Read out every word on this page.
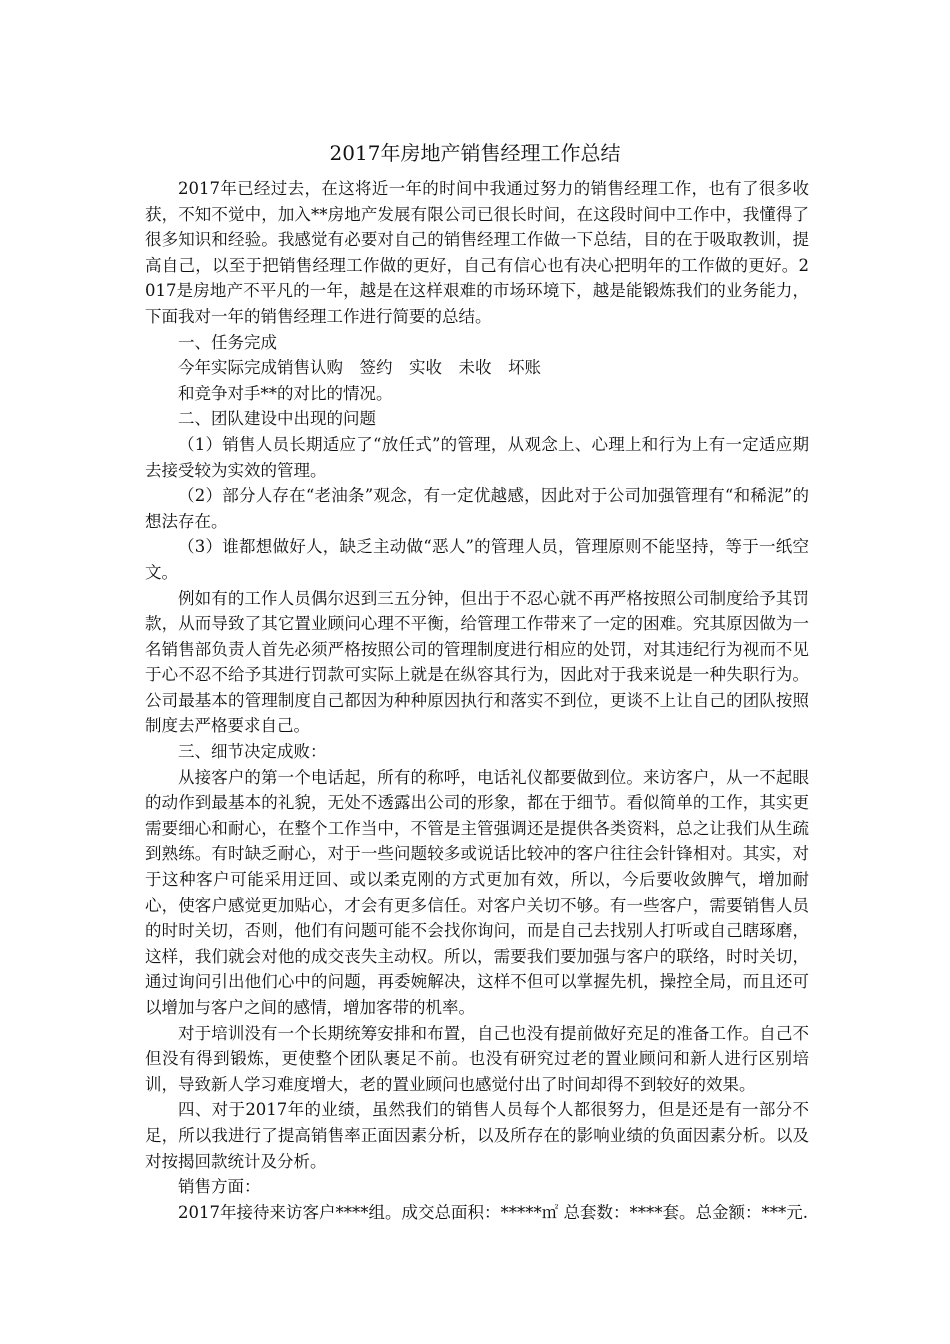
2017年房地产销售经理工作总结

2017年已经过去，在这将近一年的时间中我通过努力的销售经理工作，也有了很多收获，不知不觉中，加入**房地产发展有限公司已很长时间，在这段时间中工作中，我懂得了很多知识和经验。我感觉有必要对自己的销售经理工作做一下总结，目的在于吸取教训，提高自己，以至于把销售经理工作做的更好，自己有信心也有决心把明年的工作做的更好。2017是房地产不平凡的一年，越是在这样艰难的市场环境下，越是能锻炼我们的业务能力，下面我对一年的销售经理工作进行简要的总结。

一、任务完成

今年实际完成销售认购　签约　实收　未收　坏账

和竞争对手**的对比的情况。

二、团队建设中出现的问题

（1）销售人员长期适应了“放任式”的管理，从观念上、心理上和行为上有一定适应期去接受较为实效的管理。

（2）部分人存在“老油条”观念，有一定优越感，因此对于公司加强管理有“和稀泥”的想法存在。

（3）谁都想做好人，缺乏主动做“恶人”的管理人员，管理原则不能坚持，等于一纸空文。

例如有的工作人员偶尔迟到三五分钟，但出于不忍心就不再严格按照公司制度给予其罚款，从而导致了其它置业顾问心理不平衡，给管理工作带来了一定的困难。究其原因做为一名销售部负责人首先必须严格按照公司的管理制度进行相应的处罚，对其违纪行为视而不见于心不忍不给予其进行罚款可实际上就是在纵容其行为，因此对于我来说是一种失职行为。公司最基本的管理制度自己都因为种种原因执行和落实不到位，更谈不上让自己的团队按照制度去严格要求自己。

三、细节决定成败：

从接客户的第一个电话起，所有的称呼，电话礼仪都要做到位。来访客户，从一不起眼的动作到最基本的礼貌，无处不透露出公司的形象，都在于细节。看似简单的工作，其实更需要细心和耐心，在整个工作当中，不管是主管强调还是提供各类资料，总之让我们从生疏到熟练。有时缺乏耐心，对于一些问题较多或说话比较冲的客户往往会针锋相对。其实，对于这种客户可能采用迂回、或以柔克刚的方式更加有效，所以，今后要收敛脾气，增加耐心，使客户感觉更加贴心，才会有更多信任。对客户关切不够。有一些客户，需要销售人员的时时关切，否则，他们有问题可能不会找你询问，而是自己去找别人打听或自己瞎琢磨，这样，我们就会对他的成交丧失主动权。所以，需要我们要加强与客户的联络，时时关切，通过询问引出他们心中的问题，再委婉解决，这样不但可以掌握先机，操控全局，而且还可以增加与客户之间的感情，增加客带的机率。

对于培训没有一个长期统筹安排和布置，自己也没有提前做好充足的准备工作。自己不但没有得到锻炼，更使整个团队裹足不前。也没有研究过老的置业顾问和新人进行区别培训，导致新人学习难度增大，老的置业顾问也感觉付出了时间却得不到较好的效果。

四、对于2017年的业绩，虽然我们的销售人员每个人都很努力，但是还是有一部分不足，所以我进行了提高销售率正面因素分析，以及所存在的影响业绩的负面因素分析。以及对按揭回款统计及分析。

销售方面：

2017年接待来访客户****组。成交总面积：*****㎡ 总套数：****套。总金额：***元.
